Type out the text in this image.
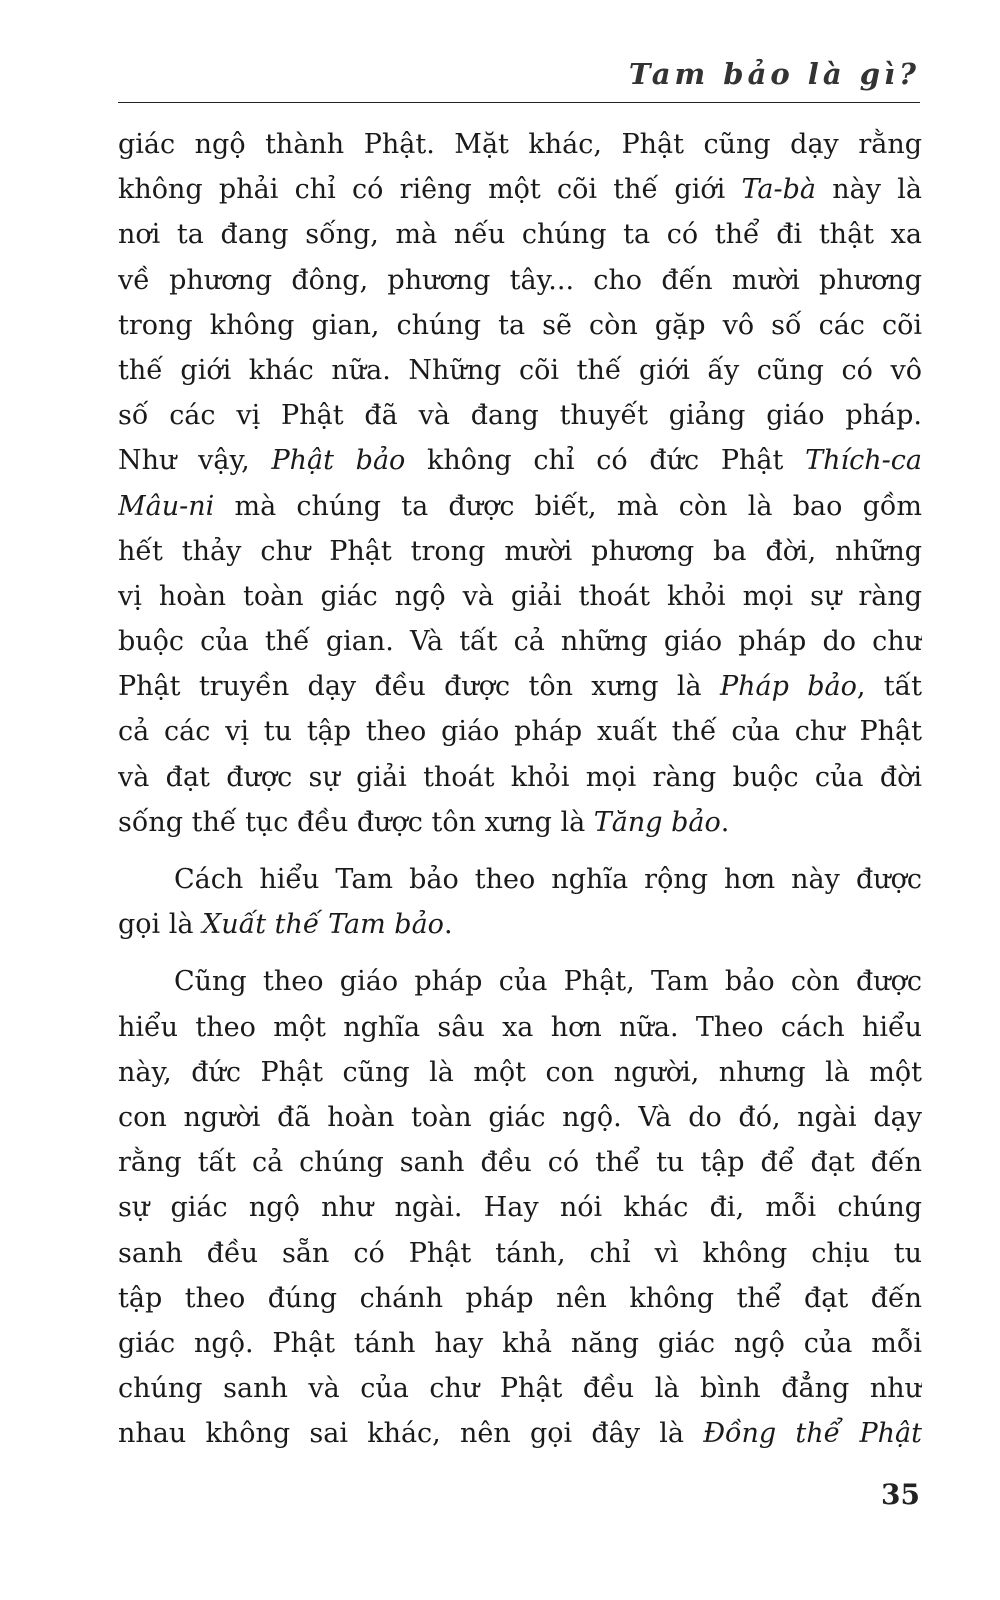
Tam bảo là gì?
giác ngộ thành Phật. Mặt khác, Phật cũng dạy rằng
không phải chỉ có riêng một cõi thế giới Ta-bà này là
nơi ta đang sống, mà nếu chúng ta có thể đi thật xa
về phương đông, phương tây... cho đến mười phương
trong không gian, chúng ta sẽ còn gặp vô số các cõi
thế giới khác nữa. Những cõi thế giới ấy cũng có vô
số các vị Phật đã và đang thuyết giảng giáo pháp.
Như vậy, Phật bảo không chỉ có đức Phật Thích-ca
Mâu-ni mà chúng ta được biết, mà còn là bao gồm
hết thảy chư Phật trong mười phương ba đời, những
vị hoàn toàn giác ngộ và giải thoát khỏi mọi sự ràng
buộc của thế gian. Và tất cả những giáo pháp do chư
Phật truyền dạy đều được tôn xưng là Pháp bảo, tất
cả các vị tu tập theo giáo pháp xuất thế của chư Phật
và đạt được sự giải thoát khỏi mọi ràng buộc của đời
sống thế tục đều được tôn xưng là Tăng bảo.
Cách hiểu Tam bảo theo nghĩa rộng hơn này được
gọi là Xuất thế Tam bảo.
Cũng theo giáo pháp của Phật, Tam bảo còn được
hiểu theo một nghĩa sâu xa hơn nữa. Theo cách hiểu
này, đức Phật cũng là một con người, nhưng là một
con người đã hoàn toàn giác ngộ. Và do đó, ngài dạy
rằng tất cả chúng sanh đều có thể tu tập để đạt đến
sự giác ngộ như ngài. Hay nói khác đi, mỗi chúng
sanh đều sẵn có Phật tánh, chỉ vì không chịu tu
tập theo đúng chánh pháp nên không thể đạt đến
giác ngộ. Phật tánh hay khả năng giác ngộ của mỗi
chúng sanh và của chư Phật đều là bình đẳng như
nhau không sai khác, nên gọi đây là Đồng thể Phật
35
